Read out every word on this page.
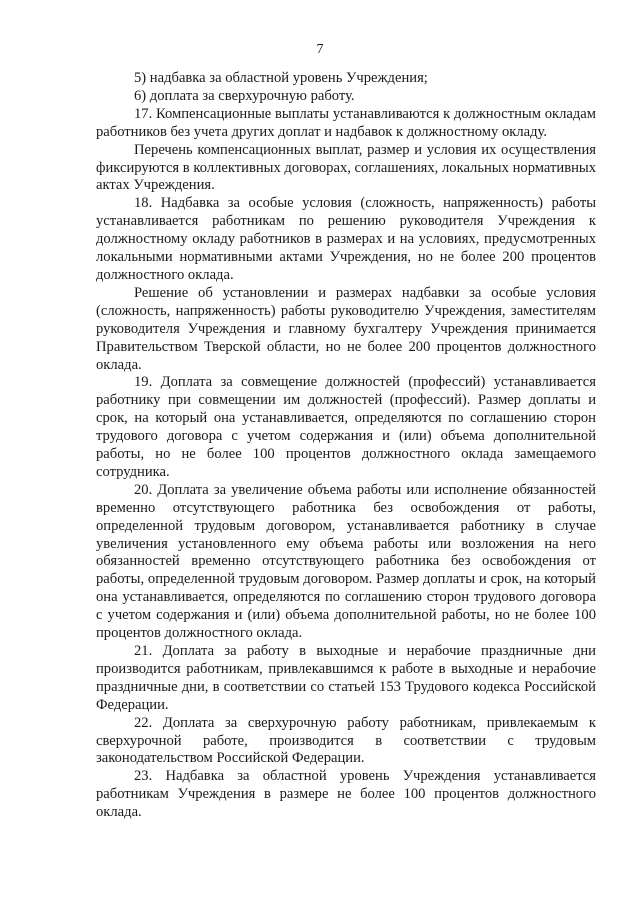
7

5) надбавка за областной уровень Учреждения;

6) доплата за сверхурочную работу.

17. Компенсационные выплаты устанавливаются к должностным окладам работников без учета других доплат и надбавок к должностному окладу.

Перечень компенсационных выплат, размер и условия их осуществления фиксируются в коллективных договорах, соглашениях, локальных нормативных актах Учреждения.

18. Надбавка за особые условия (сложность, напряженность) работы устанавливается работникам по решению руководителя Учреждения к должностному окладу работников в размерах и на условиях, предусмотренных локальными нормативными актами Учреждения, но не более 200 процентов должностного оклада.

Решение об установлении и размерах надбавки за особые условия (сложность, напряженность) работы руководителю Учреждения, заместителям руководителя Учреждения и главному бухгалтеру Учреждения принимается Правительством Тверской области, но не более 200 процентов должностного оклада.

19. Доплата за совмещение должностей (профессий) устанавливается работнику при совмещении им должностей (профессий). Размер доплаты и срок, на который она устанавливается, определяются по соглашению сторон трудового договора с учетом содержания и (или) объема дополнительной работы, но не более 100 процентов должностного оклада замещаемого сотрудника.

20. Доплата за увеличение объема работы или исполнение обязанностей временно отсутствующего работника без освобождения от работы, определенной трудовым договором, устанавливается работнику в случае увеличения установленного ему объема работы или возложения на него обязанностей временно отсутствующего работника без освобождения от работы, определенной трудовым договором. Размер доплаты и срок, на который она устанавливается, определяются по соглашению сторон трудового договора с учетом содержания и (или) объема дополнительной работы, но не более 100 процентов должностного оклада.

21. Доплата за работу в выходные и нерабочие праздничные дни производится работникам, привлекавшимся к работе в выходные и нерабочие праздничные дни, в соответствии со статьей 153 Трудового кодекса Российской Федерации.

22. Доплата за сверхурочную работу работникам, привлекаемым к сверхурочной работе, производится в соответствии с трудовым законодательством Российской Федерации.

23. Надбавка за областной уровень Учреждения устанавливается работникам Учреждения в размере не более 100 процентов должностного оклада.
